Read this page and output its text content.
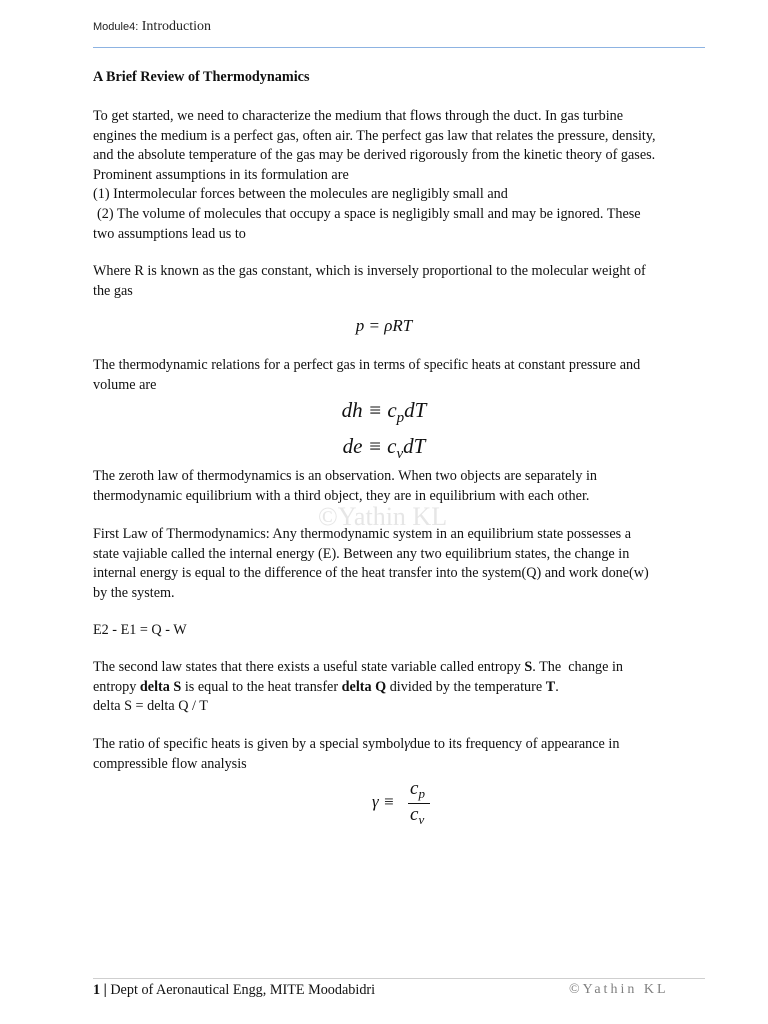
Module4: Introduction
A Brief Review of Thermodynamics
To get started, we need to characterize the medium that flows through the duct. In gas turbine
engines the medium is a perfect gas, often air. The perfect gas law that relates the pressure, density,
and the absolute temperature of the gas may be derived rigorously from the kinetic theory of gases.
Prominent assumptions in its formulation are
(1) Intermolecular forces between the molecules are negligibly small and
(2) The volume of molecules that occupy a space is negligibly small and may be ignored. These
two assumptions lead us to
Where R is known as the gas constant, which is inversely proportional to the molecular weight of
the gas
p = ρRT
The thermodynamic relations for a perfect gas in terms of specific heats at constant pressure and
volume are
dh ≡ $c_pdT$
de ≡ $c_vdT$
The zeroth law of thermodynamics is an observation. When two objects are separately in
thermodynamic equilibrium with a third object, they are in equilibrium with each other.
©Yathin KL
First Law of Thermodynamics: Any thermodynamic system in an equilibrium state possesses a
state vajiable called the internal energy (E). Between any two equilibrium states, the change in
internal energy is equal to the difference of the heat transfer into the system(Q) and work done(w)
by the system.
E2 - E1 = Q - W
The second law states that there exists a useful state variable called entropy S. The  change in
entropy delta S is equal to the heat transfer delta Q divided by the temperature T.
delta S = delta Q / T
The ratio of specific heats is given by a special symbolγdue to its frequency of appearance in
compressible flow analysis
γ ≡
$c_p$
$c_v$
1 | Dept of Aeronautical Engg, MITE Moodabidri	©Yathin KL
